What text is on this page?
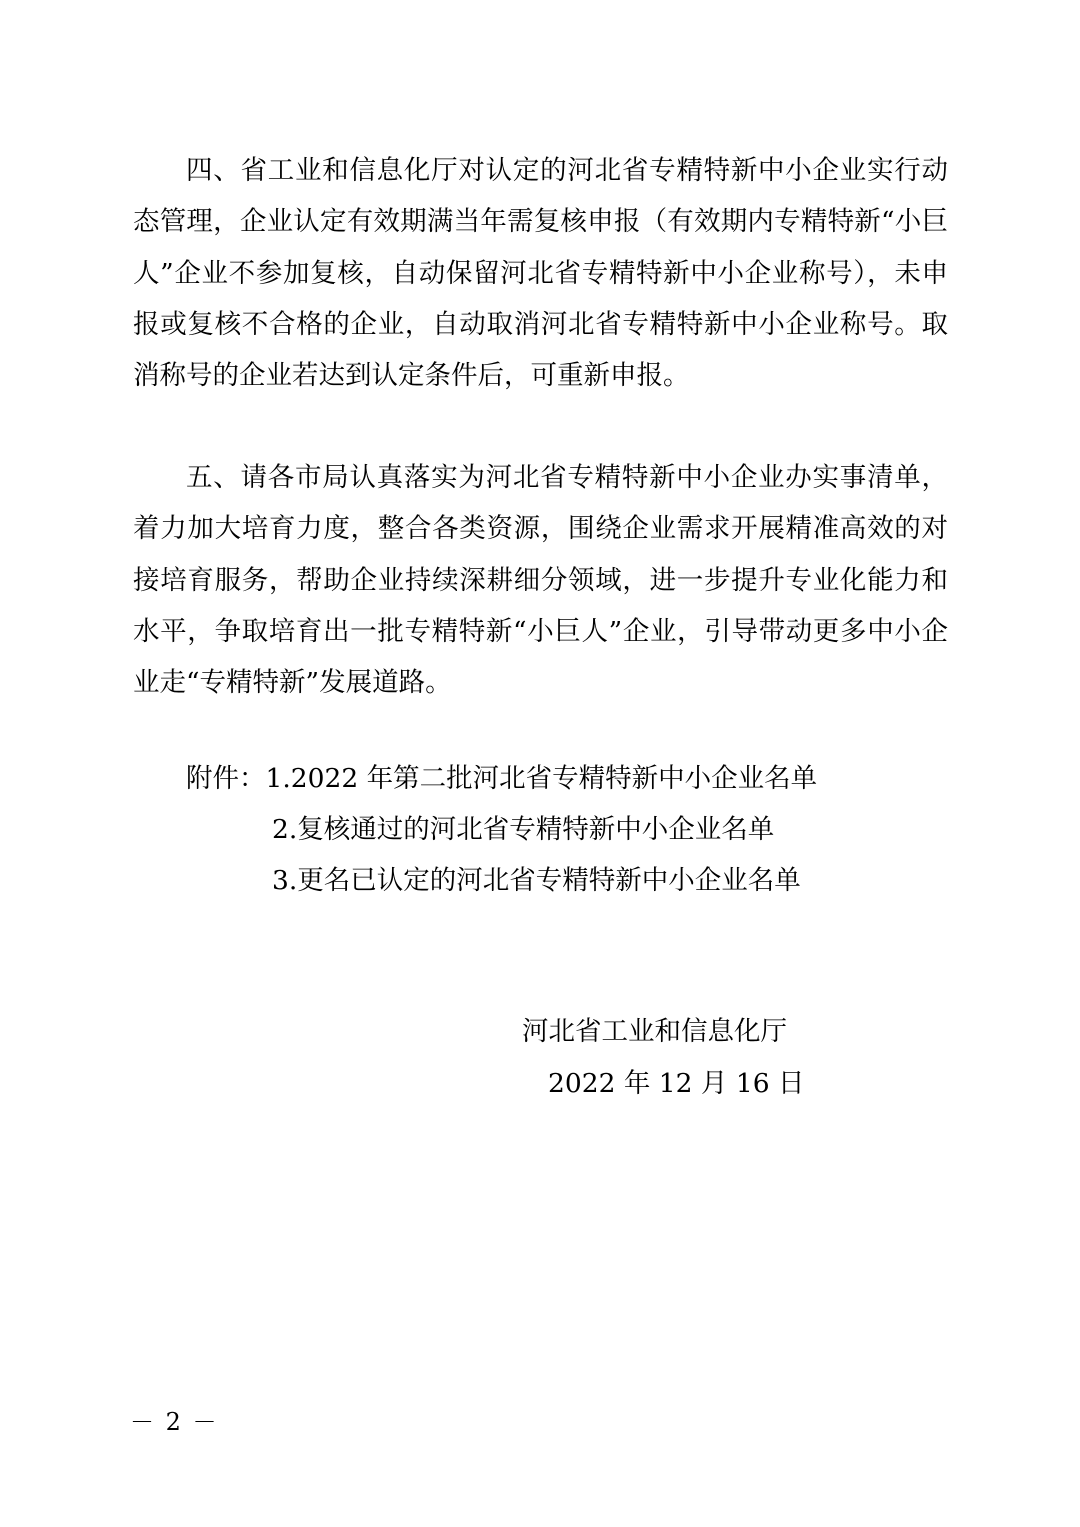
四、省工业和信息化厅对认定的河北省专精特新中小企业实行动态管理，企业认定有效期满当年需复核申报（有效期内专精特新“小巨人”企业不参加复核，自动保留河北省专精特新中小企业称号），未申报或复核不合格的企业，自动取消河北省专精特新中小企业称号。取消称号的企业若达到认定条件后，可重新申报。

五、请各市局认真落实为河北省专精特新中小企业办实事清单，着力加大培育力度，整合各类资源，围绕企业需求开展精准高效的对接培育服务，帮助企业持续深耕细分领域，进一步提升专业化能力和水平，争取培育出一批专精特新“小巨人”企业，引导带动更多中小企业走“专精特新”发展道路。

附件：1.2022 年第二批河北省专精特新中小企业名单

2.复核通过的河北省专精特新中小企业名单

3.更名已认定的河北省专精特新中小企业名单

河北省工业和信息化厅

2022 年 12 月 16 日

－ 2 －
